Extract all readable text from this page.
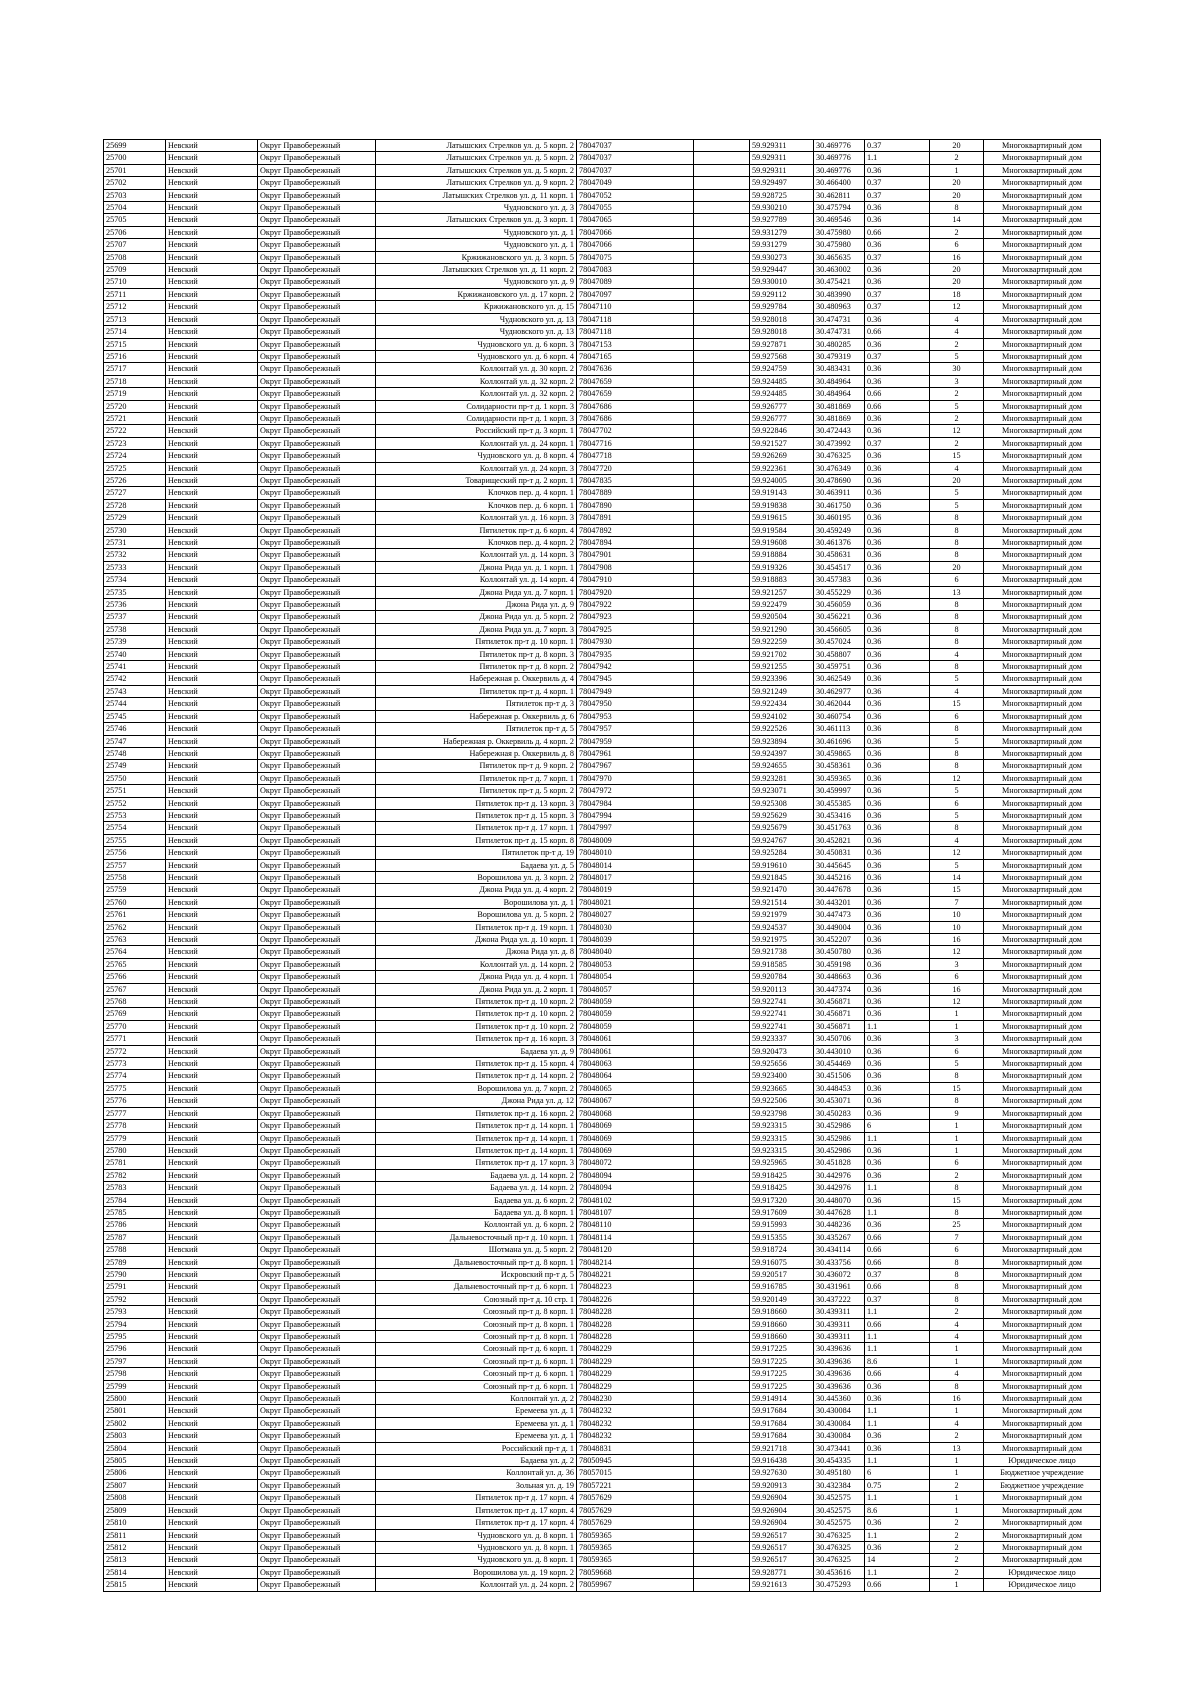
25699	Невский	Округ Правобережный	Латышских Стрелков ул. д. 5 корп. 2	78047037		59.929311	30.469776	0.37	20	Многоквартирный дом
25700	Невский	Округ Правобережный	Латышских Стрелков ул. д. 5 корп. 2	78047037		59.929311	30.469776	1.1	2	Многоквартирный дом
25701	Невский	Округ Правобережный	Латышских Стрелков ул. д. 5 корп. 2	78047037		59.929311	30.469776	0.36	1	Многоквартирный дом
25702	Невский	Округ Правобережный	Латышских Стрелков ул. д. 9 корп. 2	78047049		59.929497	30.466400	0.37	20	Многоквартирный дом
25703	Невский	Округ Правобережный	Латышских Стрелков ул. д. 11 корп. 1	78047052		59.928725	30.462811	0.37	20	Многоквартирный дом
25704	Невский	Округ Правобережный	Чудновского ул. д. 3	78047055		59.930210	30.475794	0.36	8	Многоквартирный дом
25705	Невский	Округ Правобережный	Латышских Стрелков ул. д. 3 корп. 1	78047065		59.927789	30.469546	0.36	14	Многоквартирный дом
25706	Невский	Округ Правобережный	Чудновского ул. д. 1	78047066		59.931279	30.475980	0.66	2	Многоквартирный дом
25707	Невский	Округ Правобережный	Чудновского ул. д. 1	78047066		59.931279	30.475980	0.36	6	Многоквартирный дом
25708	Невский	Округ Правобережный	Кржижановского ул. д. 3 корп. 5	78047075		59.930273	30.465635	0.37	16	Многоквартирный дом
25709	Невский	Округ Правобережный	Латышских Стрелков ул. д. 11 корп. 2	78047083		59.929447	30.463002	0.36	20	Многоквартирный дом
25710	Невский	Округ Правобережный	Чудновского ул. д. 9	78047089		59.930010	30.475421	0.36	20	Многоквартирный дом
25711	Невский	Округ Правобережный	Кржижановского ул. д. 17 корп. 2	78047097		59.929112	30.483990	0.37	18	Многоквартирный дом
25712	Невский	Округ Правобережный	Кржижановского ул. д. 15	78047110		59.929784	30.480963	0.37	12	Многоквартирный дом
25713	Невский	Округ Правобережный	Чудновского ул. д. 13	78047118		59.928018	30.474731	0.36	4	Многоквартирный дом
25714	Невский	Округ Правобережный	Чудновского ул. д. 13	78047118		59.928018	30.474731	0.66	4	Многоквартирный дом
25715	Невский	Округ Правобережный	Чудновского ул. д. 6 корп. 3	78047153		59.927871	30.480285	0.36	2	Многоквартирный дом
25716	Невский	Округ Правобережный	Чудновского ул. д. 6 корп. 4	78047165		59.927568	30.479319	0.37	5	Многоквартирный дом
25717	Невский	Округ Правобережный	Коллонтай ул. д. 30 корп. 2	78047636		59.924759	30.483431	0.36	30	Многоквартирный дом
25718	Невский	Округ Правобережный	Коллонтай ул. д. 32 корп. 2	78047659		59.924485	30.484964	0.36	3	Многоквартирный дом
25719	Невский	Округ Правобережный	Коллонтай ул. д. 32 корп. 2	78047659		59.924485	30.484964	0.66	2	Многоквартирный дом
25720	Невский	Округ Правобережный	Солидарности пр-т д. 1 корп. 3	78047686		59.926777	30.481869	0.66	5	Многоквартирный дом
25721	Невский	Округ Правобережный	Солидарности пр-т д. 1 корп. 3	78047686		59.926777	30.481869	0.36	2	Многоквартирный дом
25722	Невский	Округ Правобережный	Российский пр-т д. 3 корп. 1	78047702		59.922846	30.472443	0.36	12	Многоквартирный дом
25723	Невский	Округ Правобережный	Коллонтай ул. д. 24 корп. 1	78047716		59.921527	30.473992	0.37	2	Многоквартирный дом
25724	Невский	Округ Правобережный	Чудновского ул. д. 8 корп. 4	78047718		59.926269	30.476325	0.36	15	Многоквартирный дом
25725	Невский	Округ Правобережный	Коллонтай ул. д. 24 корп. 3	78047720		59.922361	30.476349	0.36	4	Многоквартирный дом
25726	Невский	Округ Правобережный	Товарищеский пр-т д. 2 корп. 1	78047835		59.924005	30.478690	0.36	20	Многоквартирный дом
25727	Невский	Округ Правобережный	Клочков пер. д. 4 корп. 1	78047889		59.919143	30.463911	0.36	5	Многоквартирный дом
25728	Невский	Округ Правобережный	Клочков пер. д. 6 корп. 1	78047890		59.919838	30.461750	0.36	5	Многоквартирный дом
25729	Невский	Округ Правобережный	Коллонтай ул. д. 16 корп. 3	78047891		59.919615	30.460195	0.36	8	Многоквартирный дом
25730	Невский	Округ Правобережный	Пятилеток пр-т д. 6 корп. 4	78047892		59.919584	30.459249	0.36	8	Многоквартирный дом
25731	Невский	Округ Правобережный	Клочков пер. д. 4 корп. 2	78047894		59.919608	30.461376	0.36	8	Многоквартирный дом
25732	Невский	Округ Правобережный	Коллонтай ул. д. 14 корп. 3	78047901		59.918884	30.458631	0.36	8	Многоквартирный дом
25733	Невский	Округ Правобережный	Джона Рида ул. д. 1 корп. 1	78047908		59.919326	30.454517	0.36	20	Многоквартирный дом
25734	Невский	Округ Правобережный	Коллонтай ул. д. 14 корп. 4	78047910		59.918883	30.457383	0.36	6	Многоквартирный дом
25735	Невский	Округ Правобережный	Джона Рида ул. д. 7 корп. 1	78047920		59.921257	30.455229	0.36	13	Многоквартирный дом
25736	Невский	Округ Правобережный	Джона Рида ул. д. 9	78047922		59.922479	30.456059	0.36	8	Многоквартирный дом
25737	Невский	Округ Правобережный	Джона Рида ул. д. 5 корп. 2	78047923		59.920504	30.456221	0.36	8	Многоквартирный дом
25738	Невский	Округ Правобережный	Джона Рида ул. д. 7 корп. 3	78047925		59.921290	30.456605	0.36	8	Многоквартирный дом
25739	Невский	Округ Правобережный	Пятилеток пр-т д. 10 корп. 1	78047930		59.922259	30.457024	0.36	8	Многоквартирный дом
25740	Невский	Округ Правобережный	Пятилеток пр-т д. 8 корп. 3	78047935		59.921702	30.458807	0.36	4	Многоквартирный дом
25741	Невский	Округ Правобережный	Пятилеток пр-т д. 8 корп. 2	78047942		59.921255	30.459751	0.36	8	Многоквартирный дом
25742	Невский	Округ Правобережный	Набережная р. Оккервиль д. 4	78047945		59.923396	30.462549	0.36	5	Многоквартирный дом
25743	Невский	Округ Правобережный	Пятилеток пр-т д. 4 корп. 1	78047949		59.921249	30.462977	0.36	4	Многоквартирный дом
25744	Невский	Округ Правобережный	Пятилеток пр-т д. 3	78047950		59.922434	30.462044	0.36	15	Многоквартирный дом
25745	Невский	Округ Правобережный	Набережная р. Оккервиль д. 6	78047953		59.924102	30.460754	0.36	6	Многоквартирный дом
25746	Невский	Округ Правобережный	Пятилеток пр-т д. 5	78047957		59.922526	30.461113	0.36	8	Многоквартирный дом
25747	Невский	Округ Правобережный	Набережная р. Оккервиль д. 4 корп. 2	78047959		59.923894	30.461696	0.36	5	Многоквартирный дом
25748	Невский	Округ Правобережный	Набережная р. Оккервиль д. 8	78047961		59.924397	30.459865	0.36	8	Многоквартирный дом
25749	Невский	Округ Правобережный	Пятилеток пр-т д. 9 корп. 2	78047967		59.924655	30.458361	0.36	8	Многоквартирный дом
25750	Невский	Округ Правобережный	Пятилеток пр-т д. 7 корп. 1	78047970		59.923281	30.459365	0.36	12	Многоквартирный дом
25751	Невский	Округ Правобережный	Пятилеток пр-т д. 5 корп. 2	78047972		59.923071	30.459997	0.36	5	Многоквартирный дом
25752	Невский	Округ Правобережный	Пятилеток пр-т д. 13 корп. 3	78047984		59.925308	30.455385	0.36	6	Многоквартирный дом
25753	Невский	Округ Правобережный	Пятилеток пр-т д. 15 корп. 3	78047994		59.925629	30.453416	0.36	5	Многоквартирный дом
25754	Невский	Округ Правобережный	Пятилеток пр-т д. 17 корп. 1	78047997		59.925679	30.451763	0.36	8	Многоквартирный дом
25755	Невский	Округ Правобережный	Пятилеток пр-т д. 15 корп. 8	78048009		59.924767	30.452821	0.36	4	Многоквартирный дом
25756	Невский	Округ Правобережный	Пятилеток пр-т д. 19	78048010		59.925284	30.450831	0.36	12	Многоквартирный дом
25757	Невский	Округ Правобережный	Бадаева ул. д. 5	78048014		59.919610	30.445645	0.36	5	Многоквартирный дом
25758	Невский	Округ Правобережный	Ворошилова ул. д. 3 корп. 2	78048017		59.921845	30.445216	0.36	14	Многоквартирный дом
25759	Невский	Округ Правобережный	Джона Рида ул. д. 4 корп. 2	78048019		59.921470	30.447678	0.36	15	Многоквартирный дом
25760	Невский	Округ Правобережный	Ворошилова ул. д. 1	78048021		59.921514	30.443201	0.36	7	Многоквартирный дом
25761	Невский	Округ Правобережный	Ворошилова ул. д. 5 корп. 2	78048027		59.921979	30.447473	0.36	10	Многоквартирный дом
25762	Невский	Округ Правобережный	Пятилеток пр-т д. 19 корп. 1	78048030		59.924537	30.449004	0.36	10	Многоквартирный дом
25763	Невский	Округ Правобережный	Джона Рида ул. д. 10 корп. 1	78048039		59.921975	30.452207	0.36	16	Многоквартирный дом
25764	Невский	Округ Правобережный	Джона Рида ул. д. 8	78048040		59.921738	30.450780	0.36	12	Многоквартирный дом
25765	Невский	Округ Правобережный	Коллонтай ул. д. 14 корп. 2	78048053		59.918585	30.459198	0.36	3	Многоквартирный дом
25766	Невский	Округ Правобережный	Джона Рида ул. д. 4 корп. 1	78048054		59.920784	30.448663	0.36	6	Многоквартирный дом
25767	Невский	Округ Правобережный	Джона Рида ул. д. 2 корп. 1	78048057		59.920113	30.447374	0.36	16	Многоквартирный дом
25768	Невский	Округ Правобережный	Пятилеток пр-т д. 10 корп. 2	78048059		59.922741	30.456871	0.36	12	Многоквартирный дом
25769	Невский	Округ Правобережный	Пятилеток пр-т д. 10 корп. 2	78048059		59.922741	30.456871	0.36	1	Многоквартирный дом
25770	Невский	Округ Правобережный	Пятилеток пр-т д. 10 корп. 2	78048059		59.922741	30.456871	1.1	1	Многоквартирный дом
25771	Невский	Округ Правобережный	Пятилеток пр-т д. 16 корп. 3	78048061		59.923337	30.450706	0.36	3	Многоквартирный дом
25772	Невский	Округ Правобережный	Бадаева ул. д. 9	78048061		59.920473	30.443010	0.36	6	Многоквартирный дом
25773	Невский	Округ Правобережный	Пятилеток пр-т д. 15 корп. 4	78048063		59.925656	30.454469	0.36	5	Многоквартирный дом
25774	Невский	Округ Правобережный	Пятилеток пр-т д. 14 корп. 2	78048064		59.923400	30.451506	0.36	8	Многоквартирный дом
25775	Невский	Округ Правобережный	Ворошилова ул. д. 7 корп. 2	78048065		59.923665	30.448453	0.36	15	Многоквартирный дом
25776	Невский	Округ Правобережный	Джона Рида ул. д. 12	78048067		59.922506	30.453071	0.36	8	Многоквартирный дом
25777	Невский	Округ Правобережный	Пятилеток пр-т д. 16 корп. 2	78048068		59.923798	30.450283	0.36	9	Многоквартирный дом
25778	Невский	Округ Правобережный	Пятилеток пр-т д. 14 корп. 1	78048069		59.923315	30.452986	6	1	Многоквартирный дом
25779	Невский	Округ Правобережный	Пятилеток пр-т д. 14 корп. 1	78048069		59.923315	30.452986	1.1	1	Многоквартирный дом
25780	Невский	Округ Правобережный	Пятилеток пр-т д. 14 корп. 1	78048069		59.923315	30.452986	0.36	1	Многоквартирный дом
25781	Невский	Округ Правобережный	Пятилеток пр-т д. 17 корп. 3	78048072		59.925965	30.451828	0.36	6	Многоквартирный дом
25782	Невский	Округ Правобережный	Бадаева ул. д. 14 корп. 2	78048094		59.918425	30.442976	0.36	2	Многоквартирный дом
25783	Невский	Округ Правобережный	Бадаева ул. д. 14 корп. 2	78048094		59.918425	30.442976	1.1	8	Многоквартирный дом
25784	Невский	Округ Правобережный	Бадаева ул. д. 6 корп. 2	78048102		59.917320	30.448070	0.36	15	Многоквартирный дом
25785	Невский	Округ Правобережный	Бадаева ул. д. 8 корп. 1	78048107		59.917609	30.447628	1.1	8	Многоквартирный дом
25786	Невский	Округ Правобережный	Коллонтай ул. д. 6 корп. 2	78048110		59.915993	30.448236	0.36	25	Многоквартирный дом
25787	Невский	Округ Правобережный	Дальневосточный пр-т д. 10 корп. 1	78048114		59.915355	30.435267	0.66	7	Многоквартирный дом
25788	Невский	Округ Правобережный	Шотмана ул. д. 5 корп. 2	78048120		59.918724	30.434114	0.66	6	Многоквартирный дом
25789	Невский	Округ Правобережный	Дальневосточный пр-т д. 8 корп. 1	78048214		59.916075	30.433756	0.66	8	Многоквартирный дом
25790	Невский	Округ Правобережный	Искровский пр-т д. 5	78048221		59.920517	30.436072	0.37	8	Многоквартирный дом
25791	Невский	Округ Правобережный	Дальневосточный пр-т д. 6 корп. 1	78048223		59.916785	30.431961	0.66	8	Многоквартирный дом
25792	Невский	Округ Правобережный	Союзный пр-т д. 10 стр. 1	78048226		59.920149	30.437222	0.37	8	Многоквартирный дом
25793	Невский	Округ Правобережный	Союзный пр-т д. 8 корп. 1	78048228		59.918660	30.439311	1.1	2	Многоквартирный дом
25794	Невский	Округ Правобережный	Союзный пр-т д. 8 корп. 1	78048228		59.918660	30.439311	0.66	4	Многоквартирный дом
25795	Невский	Округ Правобережный	Союзный пр-т д. 8 корп. 1	78048228		59.918660	30.439311	1.1	4	Многоквартирный дом
25796	Невский	Округ Правобережный	Союзный пр-т д. 6 корп. 1	78048229		59.917225	30.439636	1.1	1	Многоквартирный дом
25797	Невский	Округ Правобережный	Союзный пр-т д. 6 корп. 1	78048229		59.917225	30.439636	8.6	1	Многоквартирный дом
25798	Невский	Округ Правобережный	Союзный пр-т д. 6 корп. 1	78048229		59.917225	30.439636	0.66	4	Многоквартирный дом
25799	Невский	Округ Правобережный	Союзный пр-т д. 6 корп. 1	78048229		59.917225	30.439636	0.36	8	Многоквартирный дом
25800	Невский	Округ Правобережный	Коллонтай ул. д. 2	78048230		59.914914	30.445360	0.36	16	Многоквартирный дом
25801	Невский	Округ Правобережный	Еремеева ул. д. 1	78048232		59.917684	30.430084	1.1	1	Многоквартирный дом
25802	Невский	Округ Правобережный	Еремеева ул. д. 1	78048232		59.917684	30.430084	1.1	4	Многоквартирный дом
25803	Невский	Округ Правобережный	Еремеева ул. д. 1	78048232		59.917684	30.430084	0.36	2	Многоквартирный дом
25804	Невский	Округ Правобережный	Российский пр-т д. 1	78048831		59.921718	30.473441	0.36	13	Многоквартирный дом
25805	Невский	Округ Правобережный	Бадаева ул. д. 2	78050945		59.916438	30.454335	1.1	1	Юридическое лицо
25806	Невский	Округ Правобережный	Коллонтай ул. д. 36	78057015		59.927630	30.495180	6	1	Бюджетное учреждение
25807	Невский	Округ Правобережный	Зольная ул. д. 19	78057221		59.920913	30.432384	0.75	2	Бюджетное учреждение
25808	Невский	Округ Правобережный	Пятилеток пр-т д. 17 корп. 4	78057629		59.926904	30.452575	1.1	1	Многоквартирный дом
25809	Невский	Округ Правобережный	Пятилеток пр-т д. 17 корп. 4	78057629		59.926904	30.452575	8.6	1	Многоквартирный дом
25810	Невский	Округ Правобережный	Пятилеток пр-т д. 17 корп. 4	78057629		59.926904	30.452575	0.36	2	Многоквартирный дом
25811	Невский	Округ Правобережный	Чудновского ул. д. 8 корп. 1	78059365		59.926517	30.476325	1.1	2	Многоквартирный дом
25812	Невский	Округ Правобережный	Чудновского ул. д. 8 корп. 1	78059365		59.926517	30.476325	0.36	2	Многоквартирный дом
25813	Невский	Округ Правобережный	Чудновского ул. д. 8 корп. 1	78059365		59.926517	30.476325	14	2	Многоквартирный дом
25814	Невский	Округ Правобережный	Ворошилова ул. д. 19 корп. 2	78059668		59.928771	30.453616	1.1	2	Юридическое лицо
25815	Невский	Округ Правобережный	Коллонтай ул. д. 24 корп. 2	78059967		59.921613	30.475293	0.66	1	Юридическое лицо
